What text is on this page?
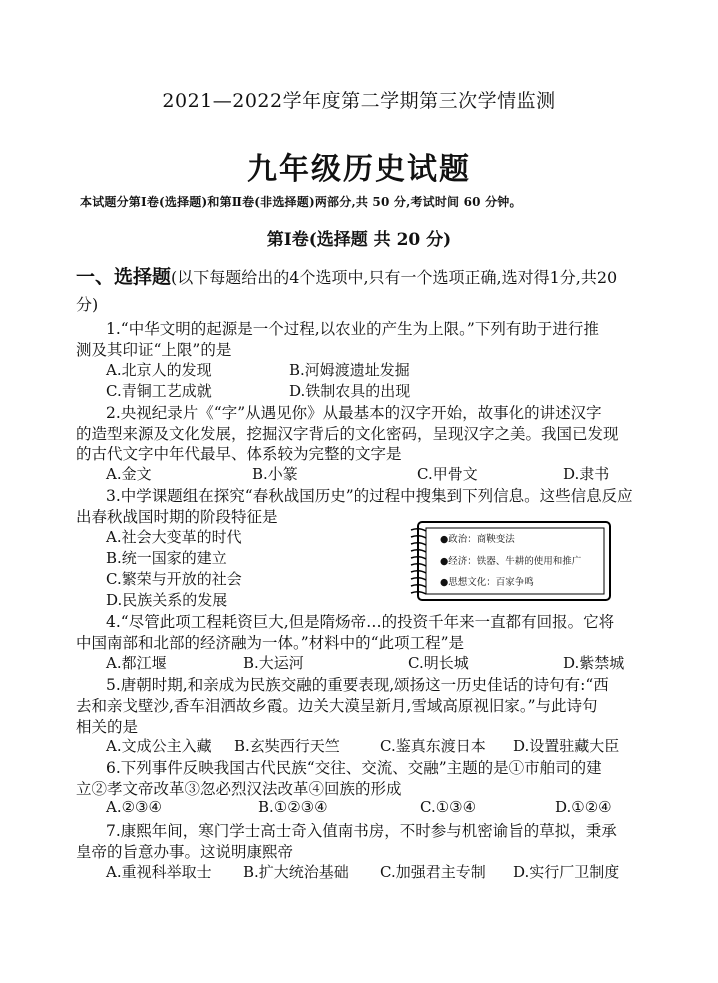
2021—2022学年度第二学期第三次学情监测
九年级历史试题
本试题分第Ⅰ卷(选择题)和第Ⅱ卷(非选择题)两部分,共 50 分,考试时间 60 分钟。
第Ⅰ卷(选择题 共 20 分)
一、选择题(以下每题给出的4个选项中,只有一个选项正确,选对得1分,共20
分)
1.“中华文明的起源是一个过程,以农业的产生为上限。”下列有助于进行推
测及其印证“上限”的是
A.北京人的发现	B.河姆渡遗址发掘
C.青铜工艺成就	D.铁制农具的出现
2.央视纪录片《“字”从遇见你》从最基本的汉字开始，故事化的讲述汉字
的造型来源及文化发展，挖掘汉字背后的文化密码，呈现汉字之美。我国已发现
的古代文字中年代最早、体系较为完整的文字是
A.金文	B.小篆	C.甲骨文	D.隶书
3.中学课题组在探究“春秋战国历史”的过程中搜集到下列信息。这些信息反应
出春秋战国时期的阶段特征是
A.社会大变革的时代
B.统一国家的建立
C.繁荣与开放的社会
D.民族关系的发展
●政治：商鞅变法
●经济：铁器、牛耕的使用和推广
●思想文化：百家争鸣
4.“尽管此项工程耗资巨大,但是隋炀帝…的投资千年来一直都有回报。它将
中国南部和北部的经济融为一体。”材料中的“此项工程”是
A.都江堰	B.大运河	C.明长城	D.紫禁城
5.唐朝时期,和亲成为民族交融的重要表现,颂扬这一历史佳话的诗句有:“西
去和亲戈壁沙,香车泪洒故乡霞。边关大漠呈新月,雪域高原视旧家。”与此诗句
相关的是
A.文成公主入藏 B.玄奘西行天竺	C.鉴真东渡日本 D.设置驻藏大臣
6.下列事件反映我国古代民族“交往、交流、交融”主题的是①市舶司的建
立②孝文帝改革③忽必烈汉法改革④回族的形成
A.②③④	B.①②③④	C.①③④	D.①②④
7.康熙年间，寒门学士高士奇入值南书房，不时参与机密谕旨的草拟，秉承
皇帝的旨意办事。这说明康熙帝
A.重视科举取士 B.扩大统治基础 C.加强君主专制 D.实行厂卫制度
